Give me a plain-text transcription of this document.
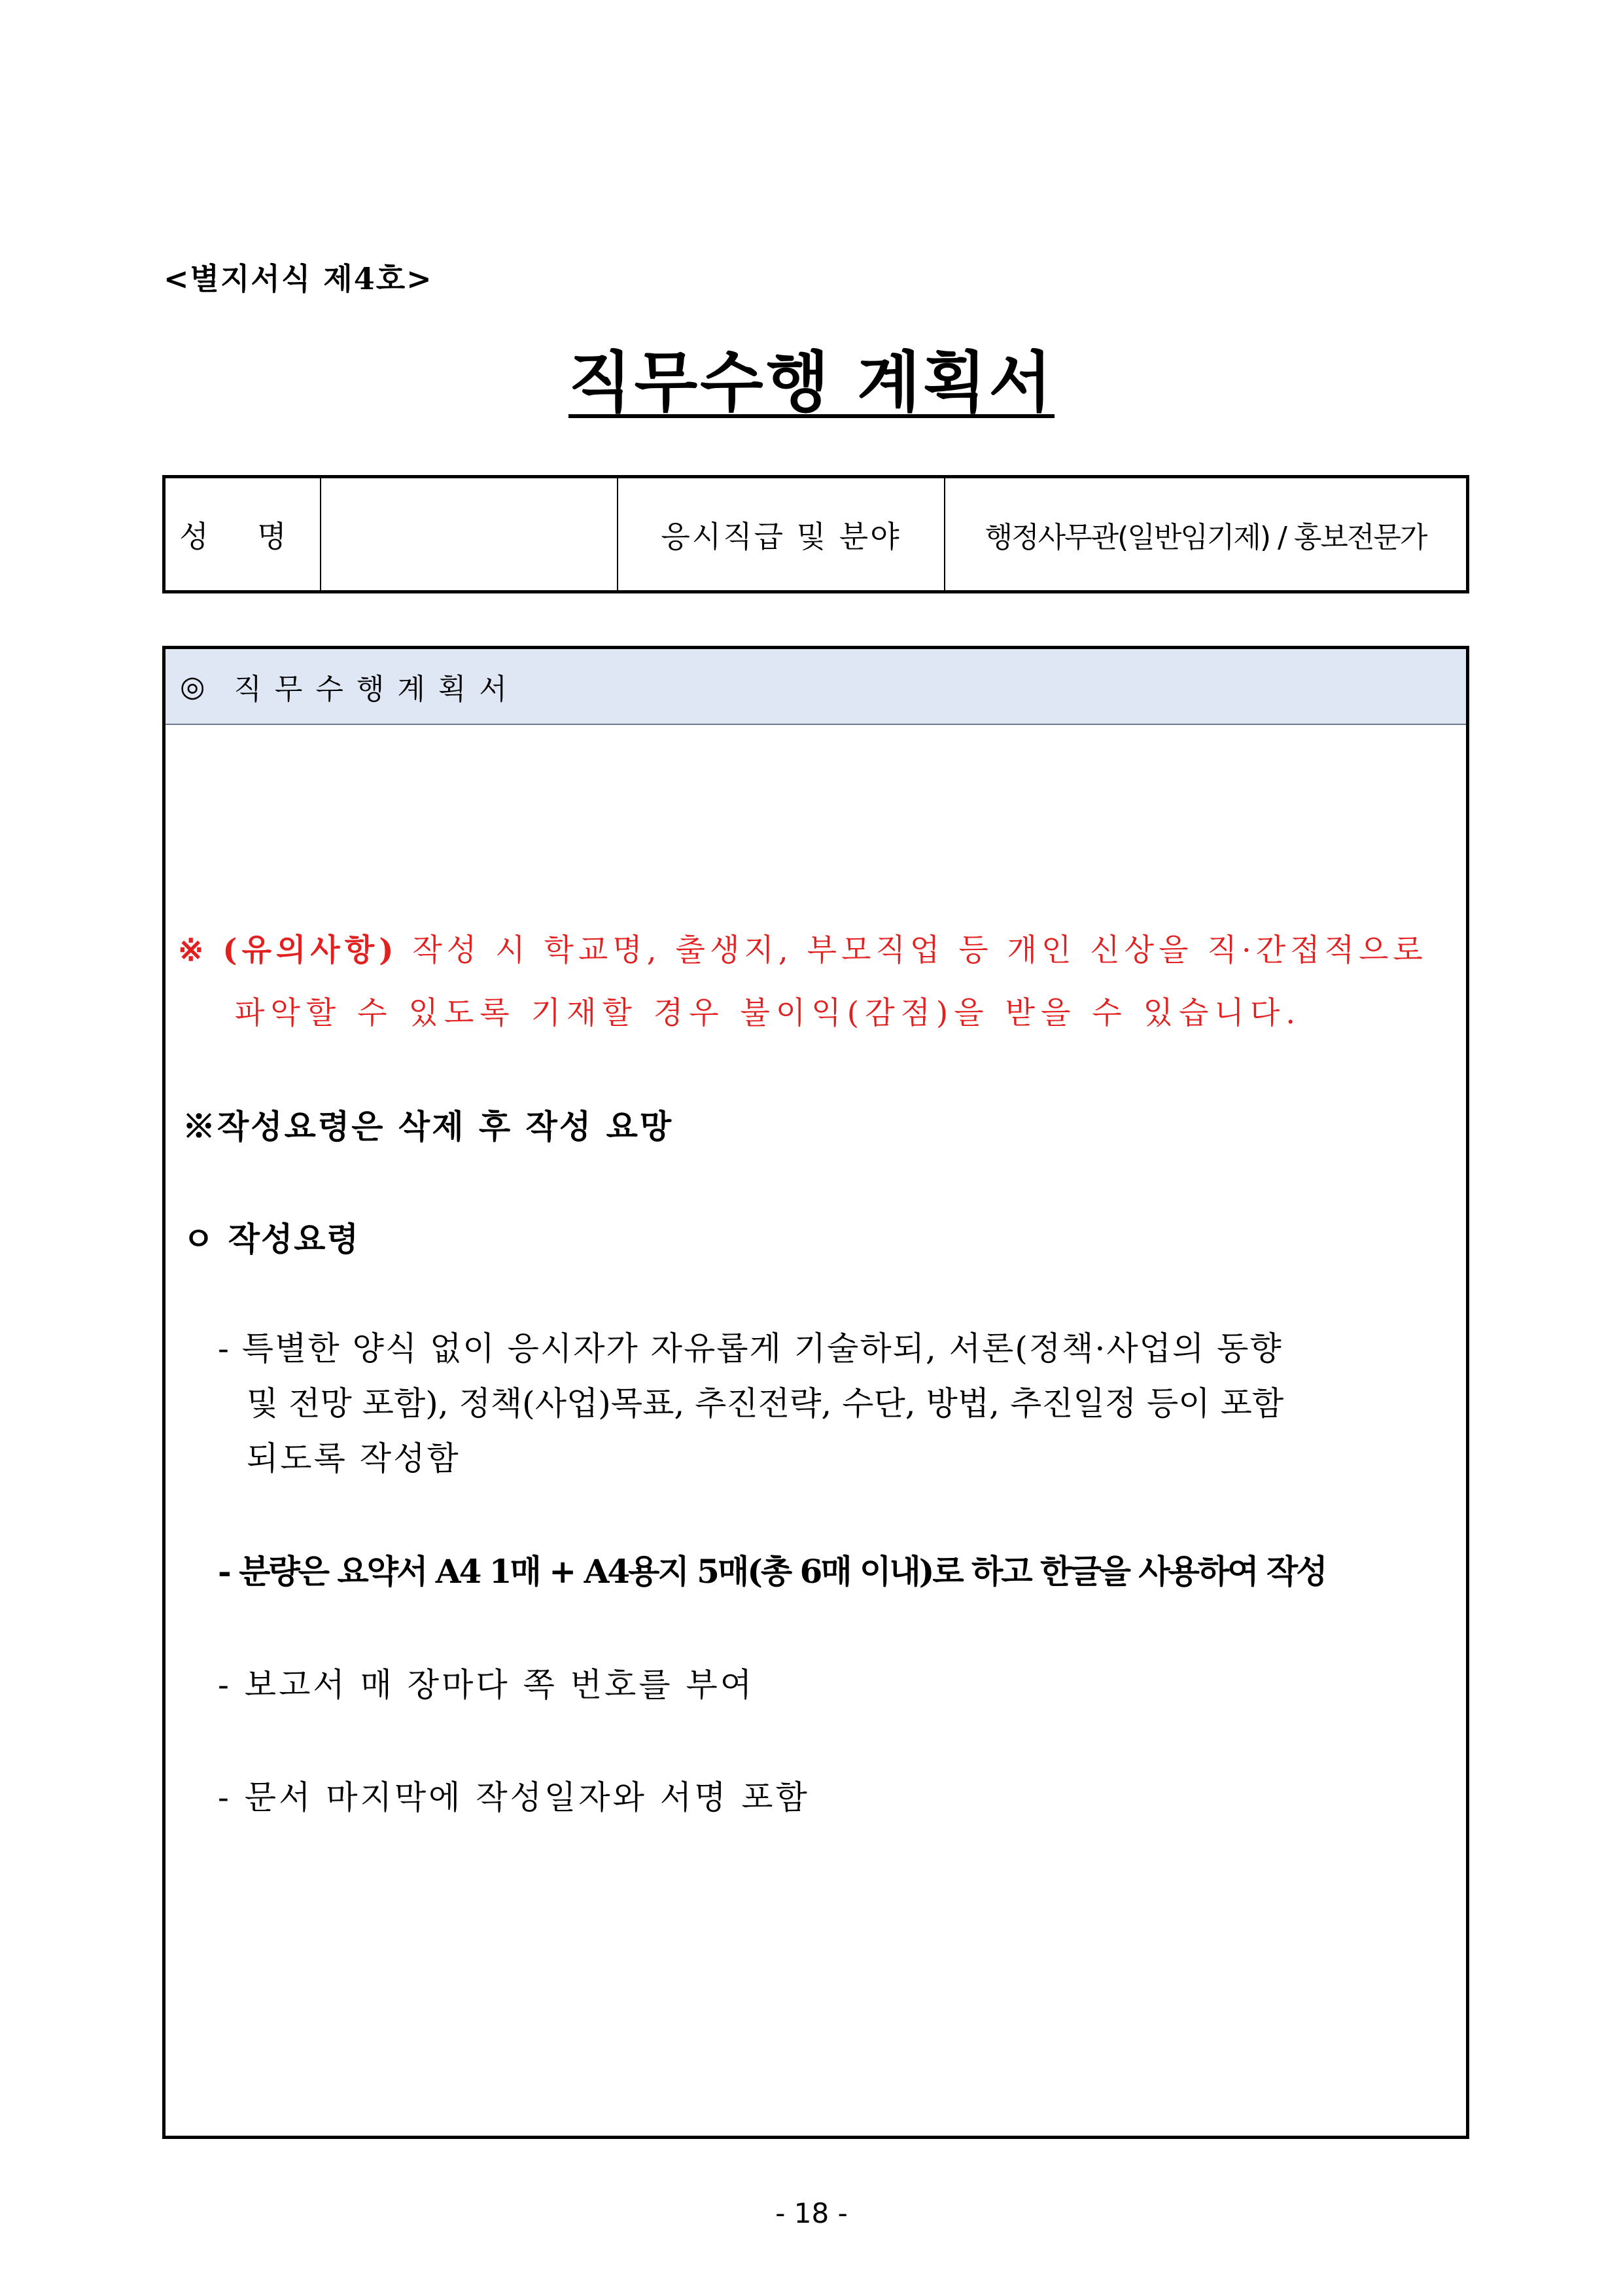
<별지서식 제4호>
직무수행 계획서
성 명		응시직급 및 분야	행정사무관(일반임기제) / 홍보전문가
◎ 직무수행계획서
※ (유의사항) 작성 시 학교명, 출생지, 부모직업 등 개인 신상을 직·간접적으로
파악할 수 있도록 기재할 경우 불이익(감점)을 받을 수 있습니다.
※작성요령은 삭제 후 작성 요망
ㅇ 작성요령
- 특별한 양식 없이 응시자가 자유롭게 기술하되, 서론(정책·사업의 동향
및 전망 포함), 정책(사업)목표, 추진전략, 수단, 방법, 추진일정 등이 포함
되도록 작성함
- 분량은 요약서 A4 1매 + A4용지 5매(총 6매 이내)로 하고 한글을 사용하여 작성
- 보고서 매 장마다 쪽 번호를 부여
- 문서 마지막에 작성일자와 서명 포함
- 18 -
